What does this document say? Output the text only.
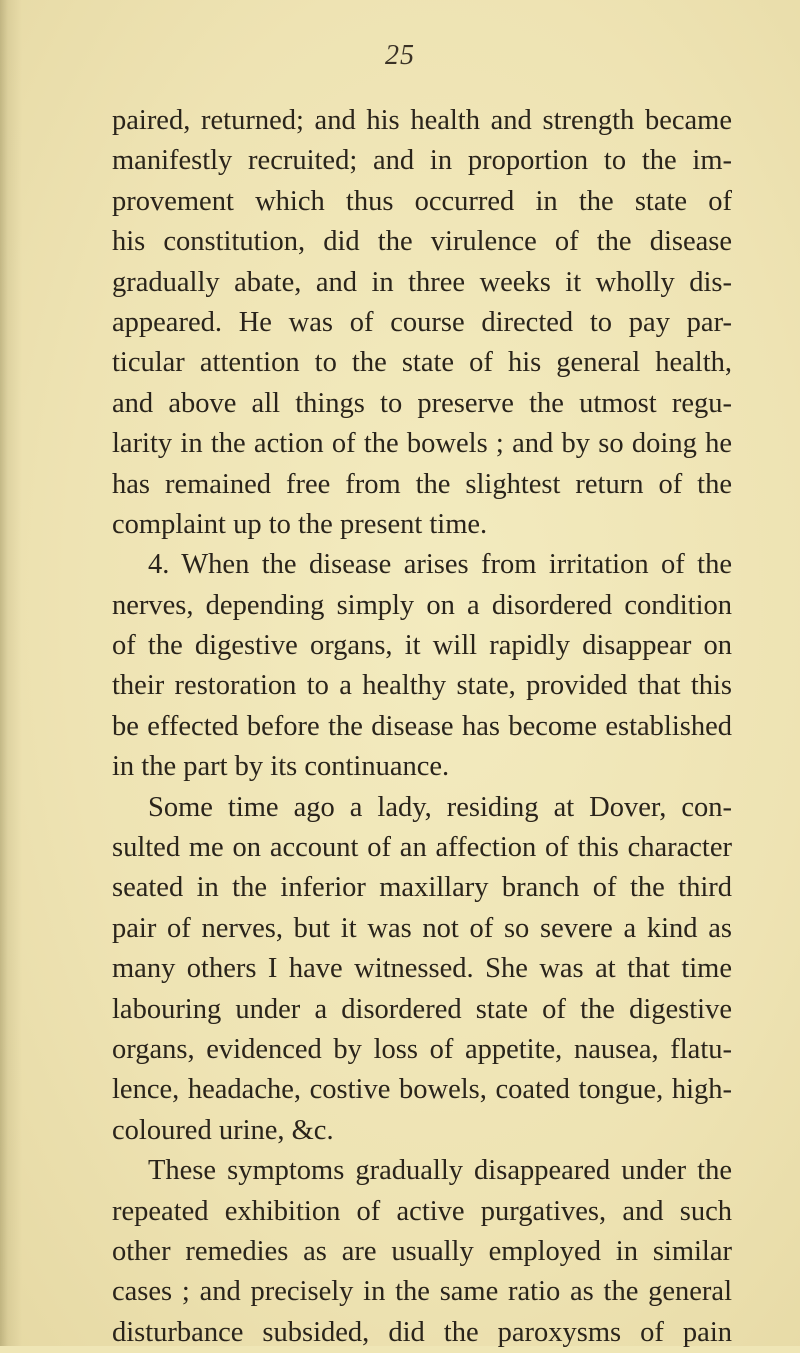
25
paired, returned; and his health and strength became
manifestly recruited; and in proportion to the im-
provement which thus occurred in the state of
his constitution, did the virulence of the disease
gradually abate, and in three weeks it wholly dis-
appeared. He was of course directed to pay par-
ticular attention to the state of his general health,
and above all things to preserve the utmost regu-
larity in the action of the bowels ; and by so doing he
has remained free from the slightest return of the
complaint up to the present time.
4. When the disease arises from irritation of the
nerves, depending simply on a disordered condition
of the digestive organs, it will rapidly disappear on
their restoration to a healthy state, provided that this
be effected before the disease has become established
in the part by its continuance.
Some time ago a lady, residing at Dover, con-
sulted me on account of an affection of this character
seated in the inferior maxillary branch of the third
pair of nerves, but it was not of so severe a kind as
many others I have witnessed. She was at that time
labouring under a disordered state of the digestive
organs, evidenced by loss of appetite, nausea, flatu-
lence, headache, costive bowels, coated tongue, high-
coloured urine, &c.
These symptoms gradually disappeared under the
repeated exhibition of active purgatives, and such
other remedies as are usually employed in similar
cases ; and precisely in the same ratio as the general
disturbance subsided, did the paroxysms of pain
